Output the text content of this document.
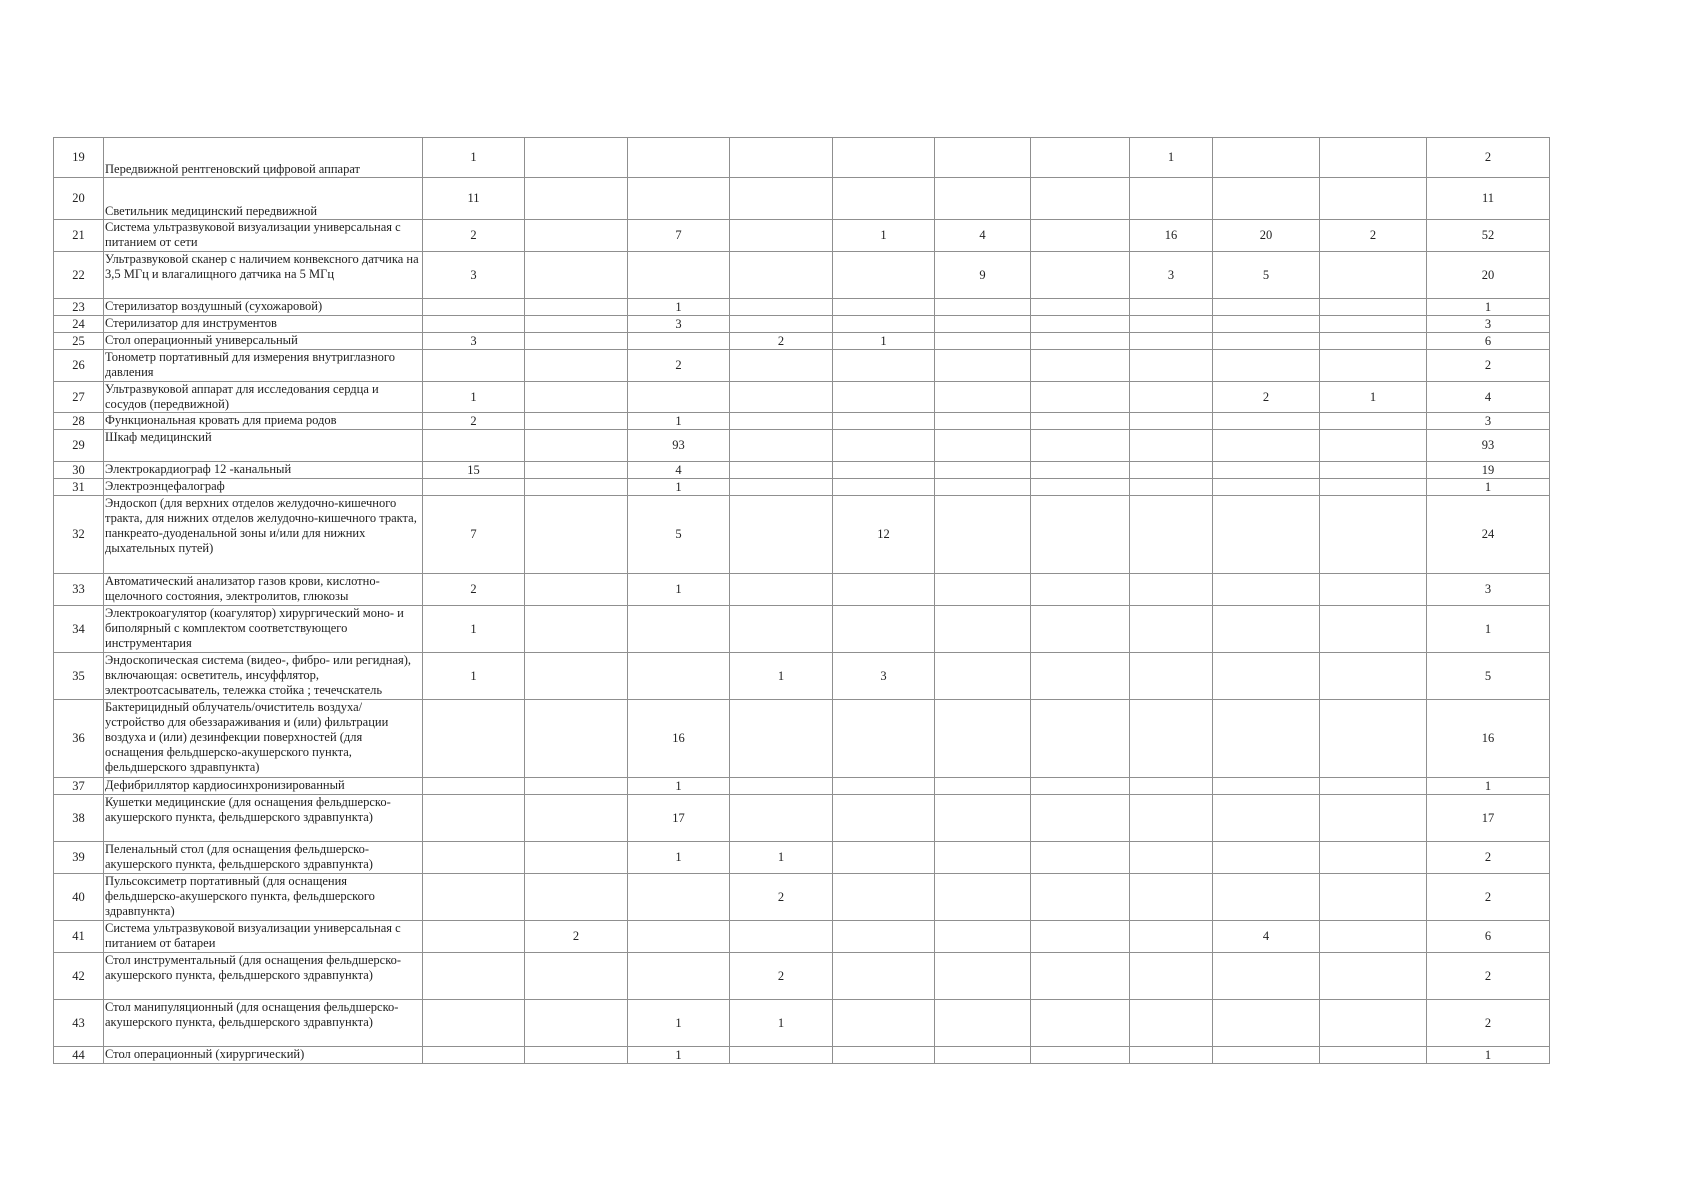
19	Передвижной рентгеновский цифровой аппарат	1							1			2
20	Светильник медицинский передвижной	11										11
21	Система ультразвуковой визуализации универсальная с питанием от сети	2		7		1	4		16	20	2	52
22	Ультразвуковой сканер с наличием конвексного датчика на 3,5 МГц и влагалищного датчика на 5 МГц	3					9		3	5		20
23	Стерилизатор воздушный (сухожаровой)			1								1
24	Стерилизатор для инструментов			3								3
25	Стол операционный универсальный	3			2	1						6
26	Тонометр портативный для измерения внутриглазного давления			2								2
27	Ультразвуковой аппарат для исследования сердца и сосудов (передвижной)	1								2	1	4
28	Функциональная кровать для приема родов	2		1								3
29	Шкаф медицинский			93								93
30	Электрокардиограф 12 -канальный	15		4								19
31	Электроэнцефалограф			1								1
32	Эндоскоп (для верхних отделов желудочно-кишечного тракта, для нижних отделов желудочно-кишечного тракта, панкреато-дуоденальной зоны и/или для нижних дыхательных путей)	7		5		12						24
33	Автоматический анализатор газов крови, кислотно-щелочного состояния, электролитов, глюкозы	2		1								3
34	Электрокоагулятор (коагулятор) хирургический моно- и биполярный с комплектом соответствующего инструментария	1										1
35	Эндоскопическая система (видео-, фибро- или регидная), включающая: осветитель, инсуффлятор, электроотсасыватель, тележка стойка ; течечскатель	1			1	3						5
36	Бактерицидный облучатель/очиститель воздуха/устройство для обеззараживания и (или) фильтрации воздуха и (или) дезинфекции поверхностей (для оснащения фельдшерско-акушерского пункта, фельдшерского здравпункта)			16								16
37	Дефибриллятор кардиосинхронизированный			1								1
38	Кушетки медицинские (для оснащения фельдшерско-акушерского пункта, фельдшерского здравпункта)			17								17
39	Пеленальный стол (для оснащения фельдшерско-акушерского пункта, фельдшерского здравпункта)			1	1							2
40	Пульсоксиметр портативный (для оснащения фельдшерско-акушерского пункта, фельдшерского здравпункта)				2							2
41	Система ультразвуковой визуализации универсальная с питанием от батареи		2							4		6
42	Стол инструментальный (для оснащения фельдшерско-акушерского пункта, фельдшерского здравпункта)				2							2
43	Стол манипуляционный (для оснащения фельдшерско-акушерского пункта, фельдшерского здравпункта)			1	1							2
44	Стол операционный (хирургический)			1								1
